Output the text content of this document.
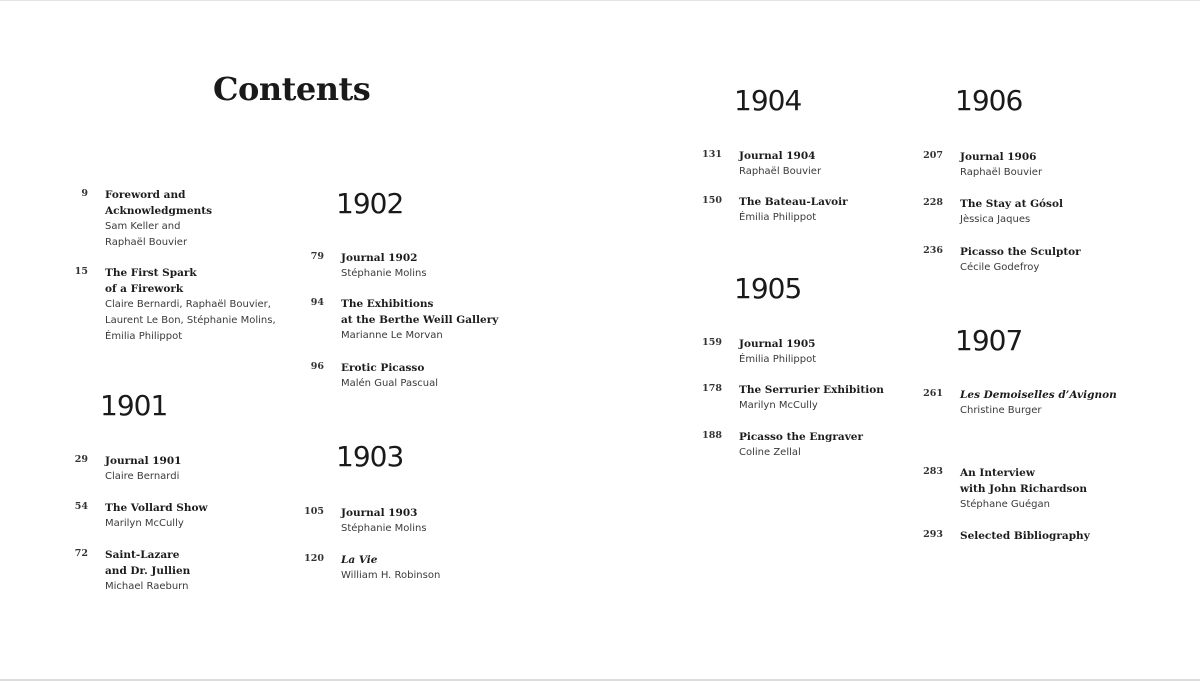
Contents
1901
1902
1903
1904
1905
1906
1907
9 Foreword and
Acknowledgments
Sam Keller and
Raphaël Bouvier
15 The First Spark
of a Firework
Claire Bernardi, Raphaël Bouvier,
Laurent Le Bon, Stéphanie Molins,
Émilia Philippot
29 Journal 1901
Claire Bernardi
54 The Vollard Show
Marilyn McCully
72 Saint-Lazare
and Dr. Jullien
Michael Raeburn
79 Journal 1902
Stéphanie Molins
94 The Exhibitions
at the Berthe Weill Gallery
Marianne Le Morvan
96 Erotic Picasso
Malén Gual Pascual
105 Journal 1903
Stéphanie Molins
120 La Vie
William H. Robinson
131 Journal 1904
Raphaël Bouvier
150 The Bateau-Lavoir
Émilia Philippot
159 Journal 1905
Émilia Philippot
178 The Serrurier Exhibition
Marilyn McCully
188 Picasso the Engraver
Coline Zellal
207 Journal 1906
Raphaël Bouvier
228 The Stay at Gósol
Jèssica Jaques
236 Picasso the Sculptor
Cécile Godefroy
261 Les Demoiselles d’Avignon
Christine Burger
283 An Interview
with John Richardson
Stéphane Guégan
293 Selected Bibliography
